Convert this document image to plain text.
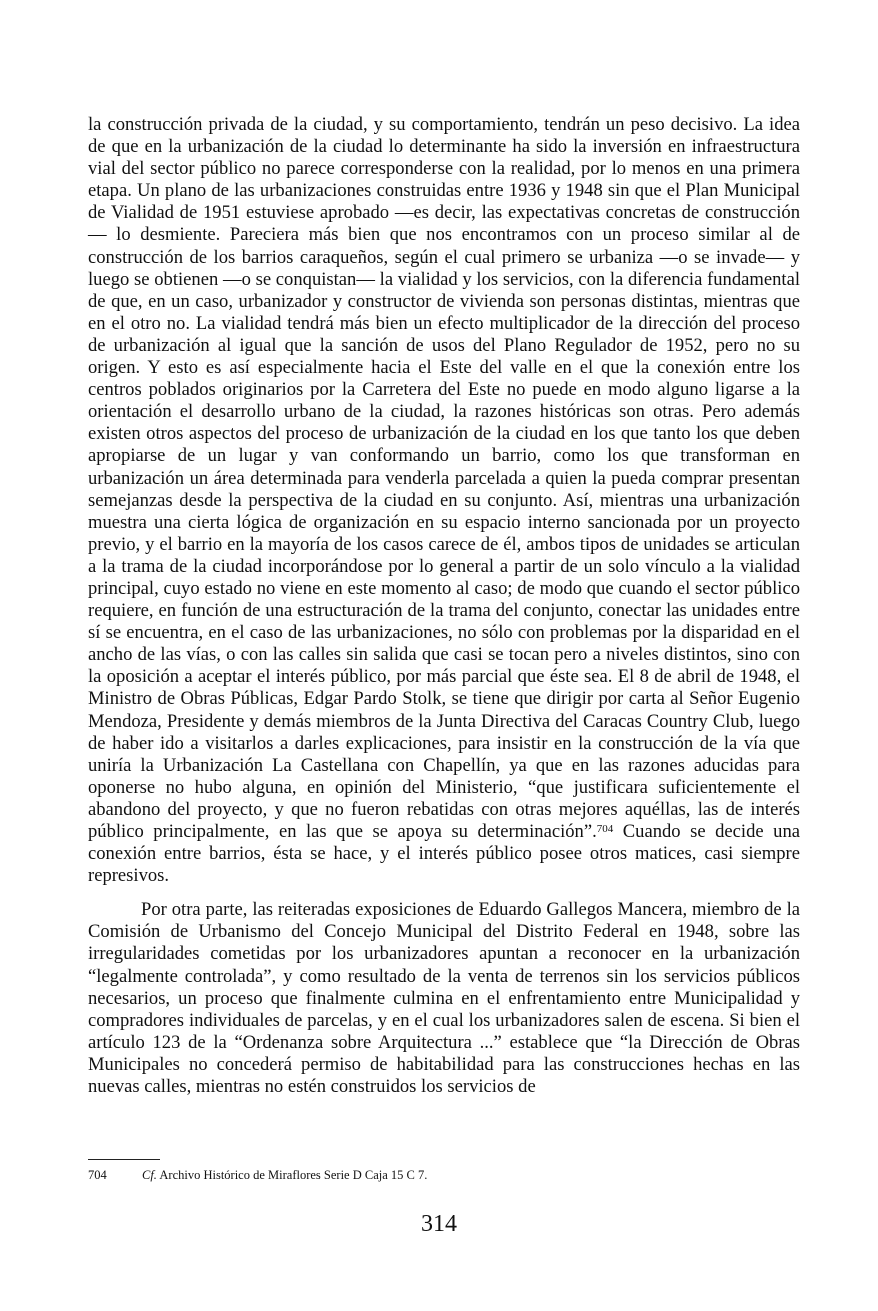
la construcción privada de la ciudad, y su comportamiento, tendrán un peso decisivo. La idea de que en la urbanización de la ciudad lo determinante ha sido la inversión en infraestructura vial del sector público no parece corresponderse con la realidad, por lo menos en una primera etapa. Un plano de las urbanizaciones construidas entre 1936 y 1948 sin que el Plan Municipal de Vialidad de 1951 estuviese aprobado —es decir, las expectativas concretas de construcción— lo desmiente. Pareciera más bien que nos encontramos con un proceso similar al de construcción de los barrios caraqueños, según el cual primero se urbaniza —o se invade— y luego se obtienen —o se conquistan— la vialidad y los servicios, con la diferencia fundamental de que, en un caso, urbanizador y constructor de vivienda son personas distintas, mientras que en el otro no. La vialidad tendrá más bien un efecto multiplicador de la dirección del proceso de urbanización al igual que la sanción de usos del Plano Regulador de 1952, pero no su origen. Y esto es así especialmente hacia el Este del valle en el que la conexión entre los centros poblados originarios por la Carretera del Este no puede en modo alguno ligarse a la orientación el desarrollo urbano de la ciudad, la razones históricas son otras. Pero además existen otros aspectos del proceso de urbanización de la ciudad en los que tanto los que deben apropiarse de un lugar y van conformando un barrio, como los que transforman en urbanización un área determinada para venderla parcelada a quien la pueda comprar presentan semejanzas desde la perspectiva de la ciudad en su conjunto. Así, mientras una urbanización muestra una cierta lógica de organización en su espacio interno sancionada por un proyecto previo, y el barrio en la mayoría de los casos carece de él, ambos tipos de unidades se articulan a la trama de la ciudad incorporándose por lo general a partir de un solo vínculo a la vialidad principal, cuyo estado no viene en este momento al caso; de modo que cuando el sector público requiere, en función de una estructuración de la trama del conjunto, conectar las unidades entre sí se encuentra, en el caso de las urbanizaciones, no sólo con problemas por la disparidad en el ancho de las vías, o con las calles sin salida que casi se tocan pero a niveles distintos, sino con la oposición a aceptar el interés público, por más parcial que éste sea. El 8 de abril de 1948, el Ministro de Obras Públicas, Edgar Pardo Stolk, se tiene que dirigir por carta al Señor Eugenio Mendoza, Presidente y demás miembros de la Junta Directiva del Caracas Country Club, luego de haber ido a visitarlos a darles explicaciones, para insistir en la construcción de la vía que uniría la Urbanización La Castellana con Chapellín, ya que en las razones aducidas para oponerse no hubo alguna, en opinión del Ministerio, “que justificara suficientemente el abandono del proyecto, y que no fueron rebatidas con otras mejores aquéllas, las de interés público principalmente, en las que se apoya su determinación”.$^{704}$ Cuando se decide una conexión entre barrios, ésta se hace, y el interés público posee otros matices, casi siempre represivos.

Por otra parte, las reiteradas exposiciones de Eduardo Gallegos Mancera, miembro de la Comisión de Urbanismo del Concejo Municipal del Distrito Federal en 1948, sobre las irregularidades cometidas por los urbanizadores apuntan a reconocer en la urbanización “legalmente controlada”, y como resultado de la venta de terrenos sin los servicios públicos necesarios, un proceso que finalmente culmina en el enfrentamiento entre Municipalidad y compradores individuales de parcelas, y en el cual los urbanizadores salen de escena. Si bien el artículo 123 de la “Ordenanza sobre Arquitectura ...” establece que “la Dirección de Obras Municipales no concederá permiso de habitabilidad para las construcciones hechas en las nuevas calles, mientras no estén construidos los servicios de

704	Cf. Archivo Histórico de Miraflores Serie D Caja 15 C 7.
314
